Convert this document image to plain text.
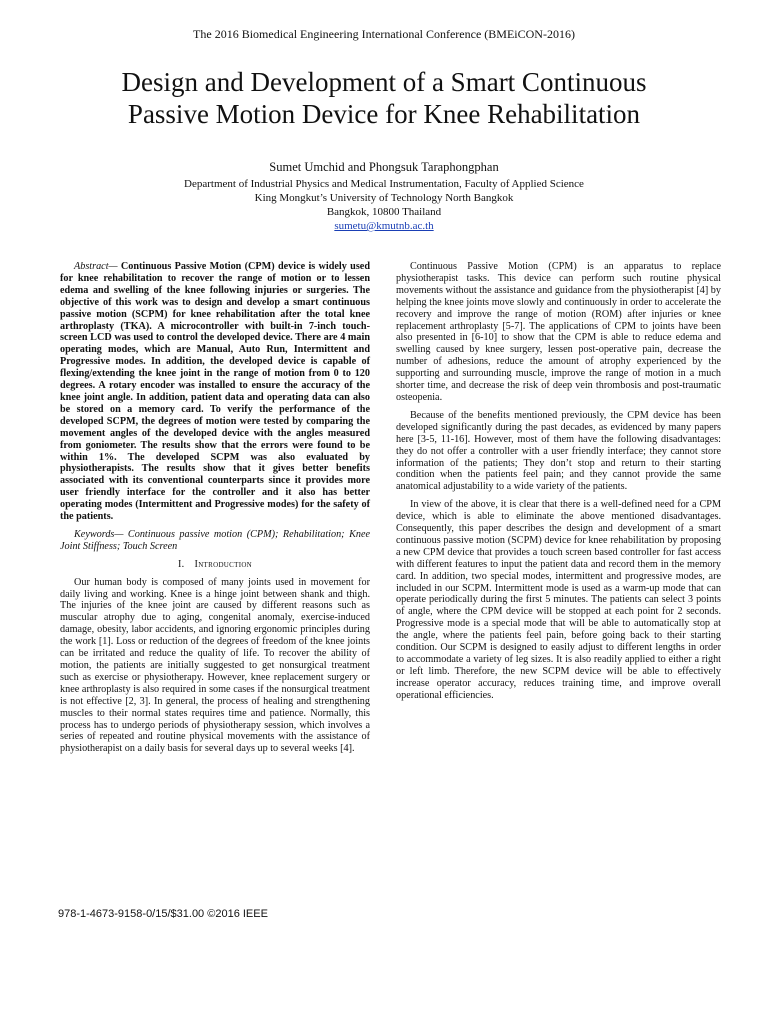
The 2016 Biomedical Engineering International Conference (BMEiCON-2016)
Design and Development of a Smart Continuous
Passive Motion Device for Knee Rehabilitation
Sumet Umchid and Phongsuk Taraphongphan
Department of Industrial Physics and Medical Instrumentation, Faculty of Applied Science
King Mongkut’s University of Technology North Bangkok
Bangkok, 10800 Thailand
sumetu@kmutnb.ac.th

Abstract— Continuous Passive Motion (CPM) device is widely used for knee rehabilitation to recover the range of motion or to lessen edema and swelling of the knee following injuries or surgeries. The objective of this work was to design and develop a smart continuous passive motion (SCPM) for knee rehabilitation after the total knee arthroplasty (TKA). A microcontroller with built-in 7-inch touch-screen LCD was used to control the developed device. There are 4 main operating modes, which are Manual, Auto Run, Intermittent and Progressive modes. In addition, the developed device is capable of flexing/extending the knee joint in the range of motion from 0 to 120 degrees. A rotary encoder was installed to ensure the accuracy of the knee joint angle. In addition, patient data and operating data can also be stored on a memory card. To verify the performance of the developed SCPM, the degrees of motion were tested by comparing the movement angles of the developed device with the angles measured from goniometer. The results show that the errors were found to be within 1%. The developed SCPM was also evaluated by physiotherapists. The results show that it gives better benefits associated with its conventional counterparts since it provides more user friendly interface for the controller and it also has better operating modes (Intermittent and Progressive modes) for the safety of the patients.

Keywords— Continuous passive motion (CPM); Rehabilitation; Knee Joint Stiffness; Touch Screen

I. Introduction

Our human body is composed of many joints used in movement for daily living and working. Knee is a hinge joint between shank and thigh. The injuries of the knee joint are caused by different reasons such as muscular atrophy due to aging, congenital anomaly, exercise-induced damage, obesity, labor accidents, and ignoring ergonomic principles during the work [1]. Loss or reduction of the degrees of freedom of the knee joints can be irritated and reduce the quality of life. To recover the ability of motion, the patients are initially suggested to get nonsurgical treatment such as exercise or physiotherapy. However, knee replacement surgery or knee arthroplasty is also required in some cases if the nonsurgical treatment is not effective [2, 3]. In general, the process of healing and strengthening muscles to their normal states requires time and patience. Normally, this process has to undergo periods of physiotherapy session, which involves a series of repeated and routine physical movements with the assistance of physiotherapist on a daily basis for several days up to several weeks [4].

Continuous Passive Motion (CPM) is an apparatus to replace physiotherapist tasks. This device can perform such routine physical movements without the assistance and guidance from the physiotherapist [4] by helping the knee joints move slowly and continuously in order to accelerate the recovery and improve the range of motion (ROM) after injuries or knee replacement arthroplasty [5-7]. The applications of CPM to joints have been also presented in [6-10] to show that the CPM is able to reduce edema and swelling caused by knee surgery, lessen post-operative pain, decrease the number of adhesions, reduce the amount of atrophy experienced by the supporting and surrounding muscle, improve the range of motion in a much shorter time, and decrease the risk of deep vein thrombosis and post-traumatic osteopenia.

Because of the benefits mentioned previously, the CPM device has been developed significantly during the past decades, as evidenced by many papers here [3-5, 11-16]. However, most of them have the following disadvantages: they do not offer a controller with a user friendly interface; they cannot store information of the patients; They don’t stop and return to their starting condition when the patients feel pain; and they cannot provide the same anatomical adjustability to a wide variety of the patients.

In view of the above, it is clear that there is a well-defined need for a CPM device, which is able to eliminate the above mentioned disadvantages. Consequently, this paper describes the design and development of a smart continuous passive motion (SCPM) device for knee rehabilitation by proposing a new CPM device that provides a touch screen based controller for fast access with different features to input the patient data and record them in the memory card. In addition, two special modes, intermittent and progressive modes, are included in our SCPM. Intermittent mode is used as a warm-up mode that can operate periodically during the first 5 minutes. The patients can select 3 points of angle, where the CPM device will be stopped at each point for 2 seconds. Progressive mode is a special mode that will be able to automatically stop at the angle, where the patients feel pain, before going back to their starting condition. Our SCPM is designed to easily adjust to different lengths in order to accommodate a variety of leg sizes. It is also readily applied to either a right or left limb. Therefore, the new SCPM device will be able to effectively increase operator accuracy, reduces training time, and improve overall operational efficiencies.

978-1-4673-9158-0/15/$31.00 ©2016 IEEE
